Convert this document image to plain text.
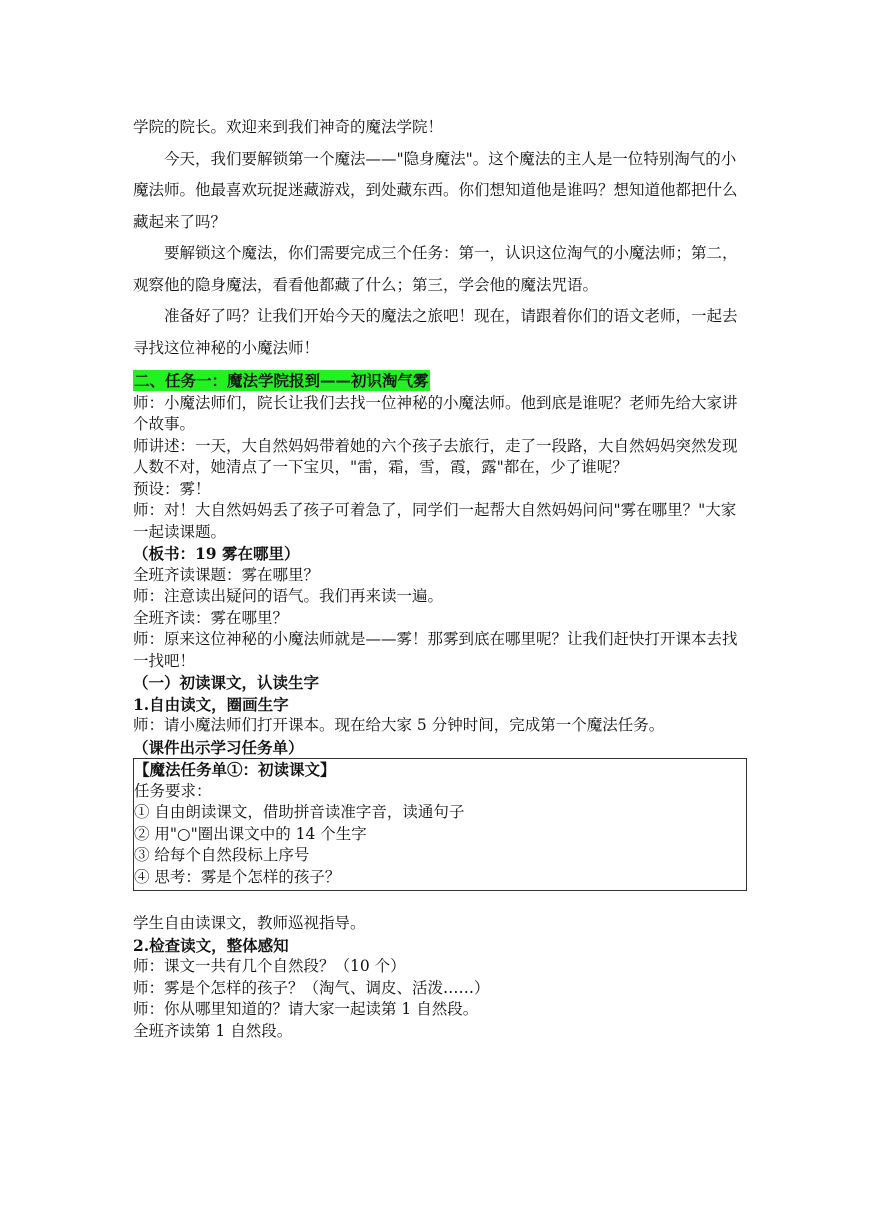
学院的院长。欢迎来到我们神奇的魔法学院！

今天，我们要解锁第一个魔法——"隐身魔法"。这个魔法的主人是一位特别淘气的小魔法师。他最喜欢玩捉迷藏游戏，到处藏东西。你们想知道他是谁吗？想知道他都把什么藏起来了吗？

要解锁这个魔法，你们需要完成三个任务：第一，认识这位淘气的小魔法师；第二，观察他的隐身魔法，看看他都藏了什么；第三，学会他的魔法咒语。

准备好了吗？让我们开始今天的魔法之旅吧！现在，请跟着你们的语文老师，一起去寻找这位神秘的小魔法师！

二、任务一：魔法学院报到——初识淘气雾

师：小魔法师们，院长让我们去找一位神秘的小魔法师。他到底是谁呢？老师先给大家讲个故事。

师讲述：一天，大自然妈妈带着她的六个孩子去旅行，走了一段路，大自然妈妈突然发现人数不对，她清点了一下宝贝，"雷，霜，雪，霞，露"都在，少了谁呢？

预设：雾！

师：对！大自然妈妈丢了孩子可着急了，同学们一起帮大自然妈妈问问"雾在哪里？"大家一起读课题。

（板书：19 雾在哪里）

全班齐读课题：雾在哪里？

师：注意读出疑问的语气。我们再来读一遍。

全班齐读：雾在哪里？

师：原来这位神秘的小魔法师就是——雾！那雾到底在哪里呢？让我们赶快打开课本去找一找吧！

（一）初读课文，认读生字

1.自由读文，圈画生字

师：请小魔法师们打开课本。现在给大家 5 分钟时间，完成第一个魔法任务。

（课件出示学习任务单）

【魔法任务单①：初读课文】

任务要求：

① 自由朗读课文，借助拼音读准字音，读通句子

② 用"○"圈出课文中的 14 个生字

③ 给每个自然段标上序号

④ 思考：雾是个怎样的孩子？

学生自由读课文，教师巡视指导。

2.检查读文，整体感知

师：课文一共有几个自然段？（10 个）

师：雾是个怎样的孩子？（淘气、调皮、活泼……）

师：你从哪里知道的？请大家一起读第 1 自然段。

全班齐读第 1 自然段。
